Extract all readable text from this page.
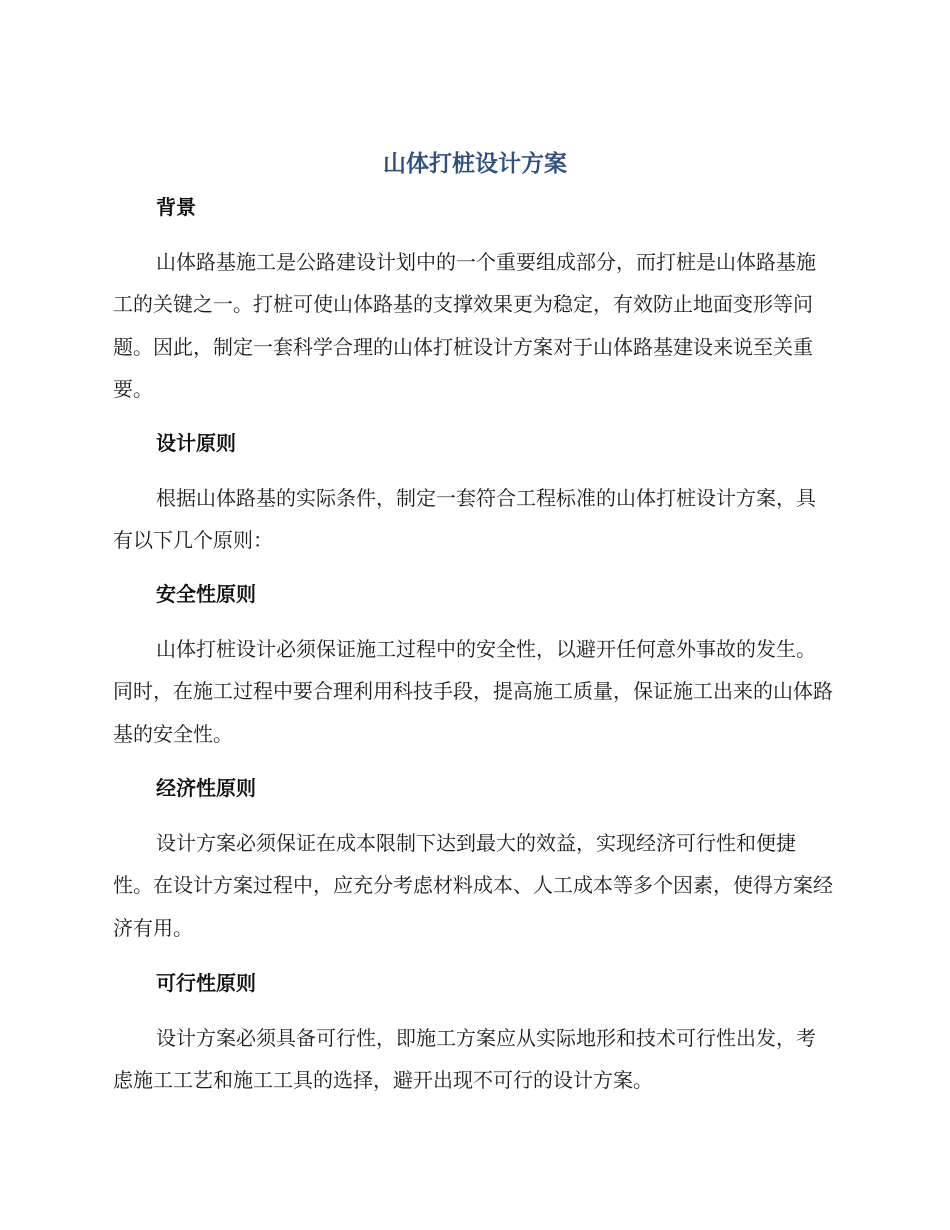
山体打桩设计方案
背景

山体路基施工是公路建设计划中的一个重要组成部分，而打桩是山体路基施工的关键之一。打桩可使山体路基的支撑效果更为稳定，有效防止地面变形等问题。因此，制定一套科学合理的山体打桩设计方案对于山体路基建设来说至关重要。

设计原则

根据山体路基的实际条件，制定一套符合工程标准的山体打桩设计方案，具有以下几个原则：

安全性原则

山体打桩设计必须保证施工过程中的安全性，以避开任何意外事故的发生。同时，在施工过程中要合理利用科技手段，提高施工质量，保证施工出来的山体路基的安全性。

经济性原则

设计方案必须保证在成本限制下达到最大的效益，实现经济可行性和便捷性。在设计方案过程中，应充分考虑材料成本、人工成本等多个因素，使得方案经济有用。

可行性原则

设计方案必须具备可行性，即施工方案应从实际地形和技术可行性出发，考虑施工工艺和施工工具的选择，避开出现不可行的设计方案。
